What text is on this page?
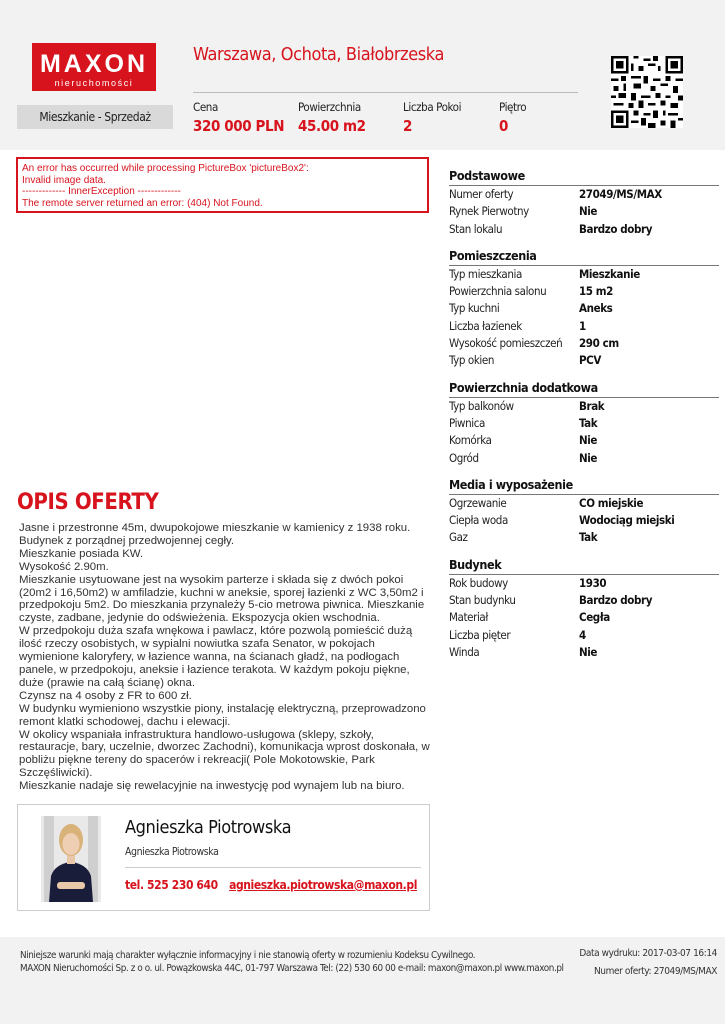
MAXON
nieruchomości
Warszawa, Ochota, Białobrzeska
Mieszkanie - Sprzedaż
Cena
320 000 PLN
Powierzchnia
45.00 m2
Liczba Pokoi
2
Piętro
0
An error has occurred while processing PictureBox 'pictureBox2':
Invalid image data.
------------- InnerException -------------
The remote server returned an error: (404) Not Found.
Podstawowe
Numer oferty	27049/MS/MAX
Rynek Pierwotny	Nie
Stan lokalu	Bardzo dobry
Pomieszczenia
Typ mieszkania	Mieszkanie
Powierzchnia salonu	15 m2
Typ kuchni	Aneks
Liczba łazienek	1
Wysokość pomieszczeń	290 cm
Typ okien	PCV
Powierzchnia dodatkowa
Typ balkonów	Brak
Piwnica	Tak
Komórka	Nie
Ogród	Nie
Media i wyposażenie
Ogrzewanie	CO miejskie
Ciepła woda	Wodociąg miejski
Gaz	Tak
Budynek
Rok budowy	1930
Stan budynku	Bardzo dobry
Materiał	Cegła
Liczba pięter	4
Winda	Nie
OPIS OFERTY

Jasne i przestronne 45m, dwupokojowe mieszkanie w kamienicy z 1938 roku. Budynek z porządnej przedwojennej cegły.

Mieszkanie posiada KW.

Wysokość 2.90m.

Mieszkanie usytuowane jest na wysokim parterze i składa się z dwóch pokoi (20m2 i 16,50m2) w amfiladzie, kuchni w aneksie, sporej łazienki z WC 3,50m2 i przedpokoju 5m2. Do mieszkania przynależy 5-cio metrowa piwnica. Mieszkanie czyste, zadbane, jedynie do odświeżenia. Ekspozycja okien wschodnia.

W przedpokoju duża szafa wnękowa i pawlacz, które pozwolą pomieścić dużą ilość rzeczy osobistych, w sypialni nowiutka szafa Senator, w pokojach wymienione kaloryfery, w łazience wanna, na ścianach gładź, na podłogach panele, w przedpokoju, aneksie i łazience terakota. W każdym pokoju piękne, duże (prawie na całą ścianę) okna.

Czynsz na 4 osoby z FR to 600 zł.

W budynku wymieniono wszystkie piony, instalację elektryczną, przeprowadzono remont klatki schodowej, dachu i elewacji.

W okolicy wspaniała infrastruktura handlowo-usługowa (sklepy, szkoły, restauracje, bary, uczelnie, dworzec Zachodni), komunikacja wprost doskonała, w pobliżu piękne tereny do spacerów i rekreacji( Pole Mokotowskie, Park Szczęśliwicki).

Mieszkanie nadaje się rewelacyjnie na inwestycję pod wynajem lub na biuro.

Agnieszka Piotrowska
Agnieszka Piotrowska
tel. 525 230 640 agnieszka.piotrowska@maxon.pl
Niniejsze warunki mają charakter wyłącznie informacyjny i nie stanowią oferty w rozumieniu Kodeksu Cywilnego.
MAXON Nieruchomości Sp. z o o. ul. Powązkowska 44C, 01-797 Warszawa Tel: (22) 530 60 00 e-mail: maxon@maxon.pl www.maxon.pl
Data wydruku: 2017-03-07 16:14
Numer oferty: 27049/MS/MAX
